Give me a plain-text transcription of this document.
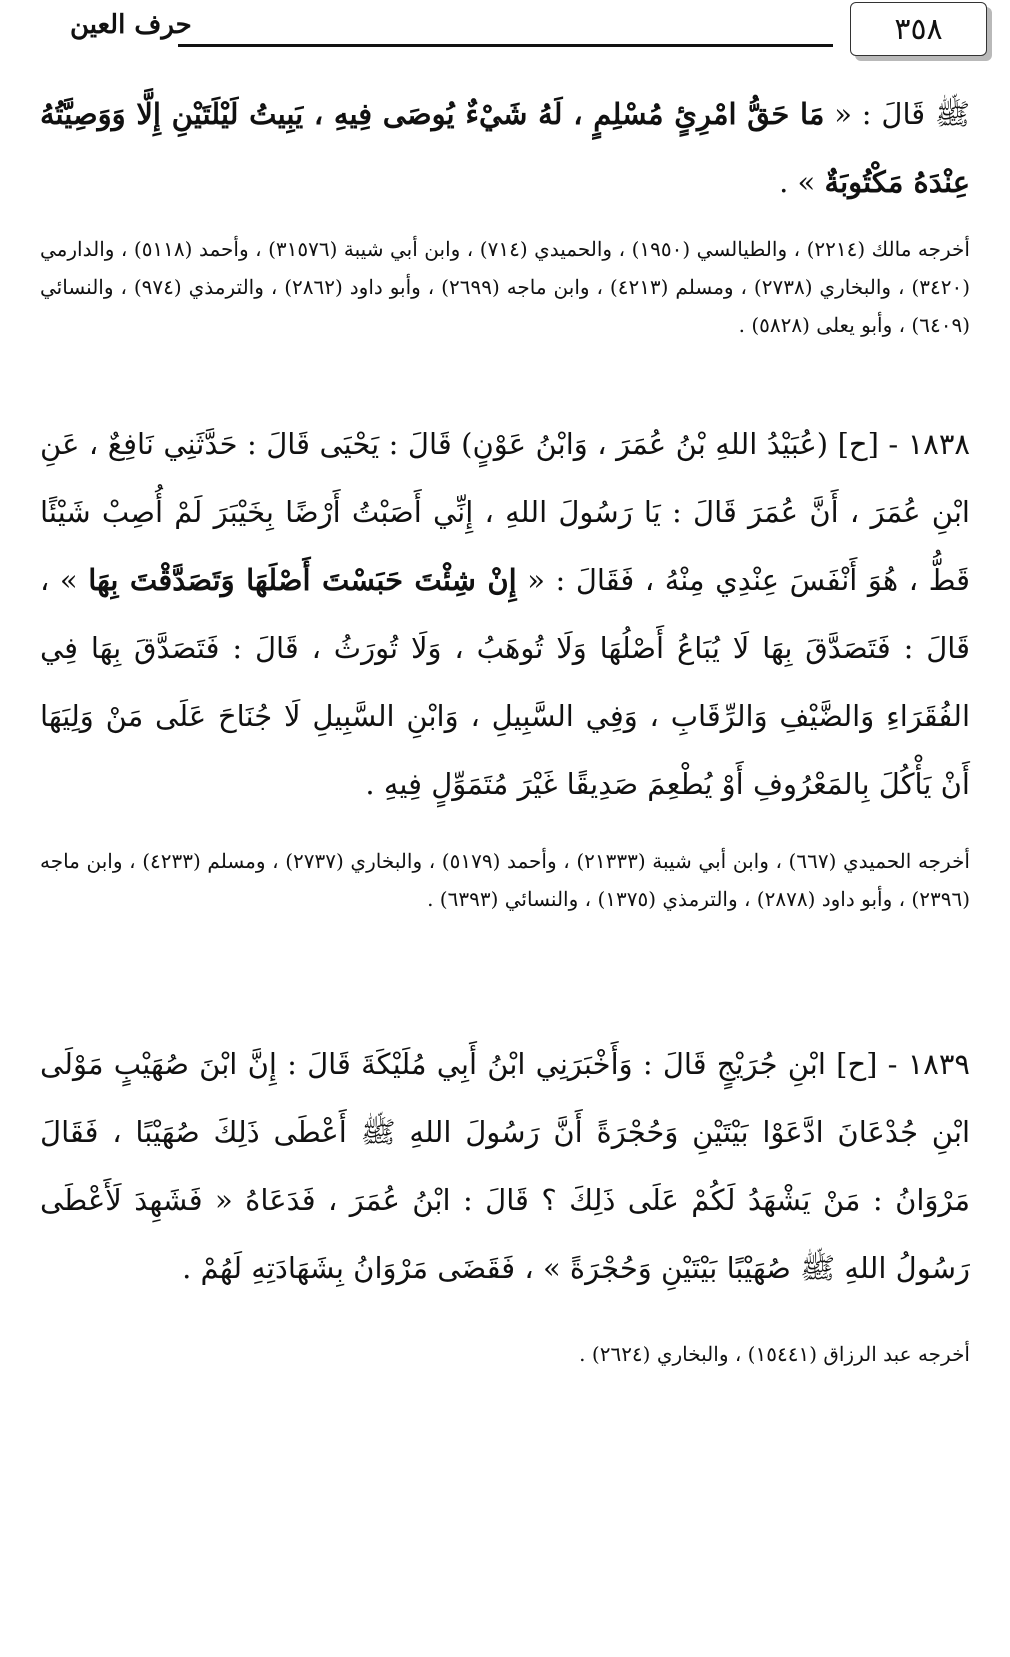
٣٥٨
حرف العين
ﷺ قَالَ : « مَا حَقُّ امْرِئٍ مُسْلِمٍ ، لَهُ شَيْءٌ يُوصَى فِيهِ ، يَبِيتُ لَيْلَتَيْنِ إِلَّا وَوَصِيَّتُهُ عِنْدَهُ مَكْتُوبَةٌ » .
أخرجه مالك (٢٢١٤) ، والطيالسي (١٩٥٠) ، والحميدي (٧١٤) ، وابن أبي شيبة (٣١٥٧٦) ، وأحمد (٥١١٨) ، والدارمي (٣٤٢٠) ، والبخاري (٢٧٣٨) ، ومسلم (٤٢١٣) ، وابن ماجه (٢٦٩٩) ، وأبو داود (٢٨٦٢) ، والترمذي (٩٧٤) ، والنسائي (٦٤٠٩) ، وأبو يعلى (٥٨٢٨) .
١٨٣٨ - [ح] (عُبَيْدُ اللهِ بْنُ عُمَرَ ، وَابْنُ عَوْنٍ) قَالَ : يَحْيَى قَالَ : حَدَّثَنِي نَافِعٌ ، عَنِ ابْنِ عُمَرَ ، أَنَّ عُمَرَ قَالَ : يَا رَسُولَ اللهِ ، إِنِّي أَصَبْتُ أَرْضًا بِخَيْبَرَ لَمْ أُصِبْ شَيْئًا قَطُّ ، هُوَ أَنْفَسَ عِنْدِي مِنْهُ ، فَقَالَ : « إِنْ شِئْتَ حَبَسْتَ أَصْلَهَا وَتَصَدَّقْتَ بِهَا » ، قَالَ : فَتَصَدَّقَ بِهَا لَا يُبَاعُ أَصْلُهَا وَلَا تُوهَبُ ، وَلَا تُورَثُ ، قَالَ : فَتَصَدَّقَ بِهَا فِي الفُقَرَاءِ وَالضَّيْفِ وَالرِّقَابِ ، وَفِي السَّبِيلِ ، وَابْنِ السَّبِيلِ لَا جُنَاحَ عَلَى مَنْ وَلِيَهَا أَنْ يَأْكُلَ بِالمَعْرُوفِ أَوْ يُطْعِمَ صَدِيقًا غَيْرَ مُتَمَوِّلٍ فِيهِ .
أخرجه الحميدي (٦٦٧) ، وابن أبي شيبة (٢١٣٣٣) ، وأحمد (٥١٧٩) ، والبخاري (٢٧٣٧) ، ومسلم (٤٢٣٣) ، وابن ماجه (٢٣٩٦) ، وأبو داود (٢٨٧٨) ، والترمذي (١٣٧٥) ، والنسائي (٦٣٩٣) .
١٨٣٩ - [ح] ابْنِ جُرَيْجٍ قَالَ : وَأَخْبَرَنِي ابْنُ أَبِي مُلَيْكَةَ قَالَ : إِنَّ ابْنَ صُهَيْبٍ مَوْلَى ابْنِ جُدْعَانَ ادَّعَوْا بَيْتَيْنِ وَحُجْرَةً أَنَّ رَسُولَ اللهِ ﷺ أَعْطَى ذَلِكَ صُهَيْبًا ، فَقَالَ مَرْوَانُ : مَنْ يَشْهَدُ لَكُمْ عَلَى ذَلِكَ ؟ قَالَ : ابْنُ عُمَرَ ، فَدَعَاهُ « فَشَهِدَ لَأَعْطَى رَسُولُ اللهِ ﷺ صُهَيْبًا بَيْتَيْنِ وَحُجْرَةً » ، فَقَضَى مَرْوَانُ بِشَهَادَتِهِ لَهُمْ .
أخرجه عبد الرزاق (١٥٤٤١) ، والبخاري (٢٦٢٤) .
